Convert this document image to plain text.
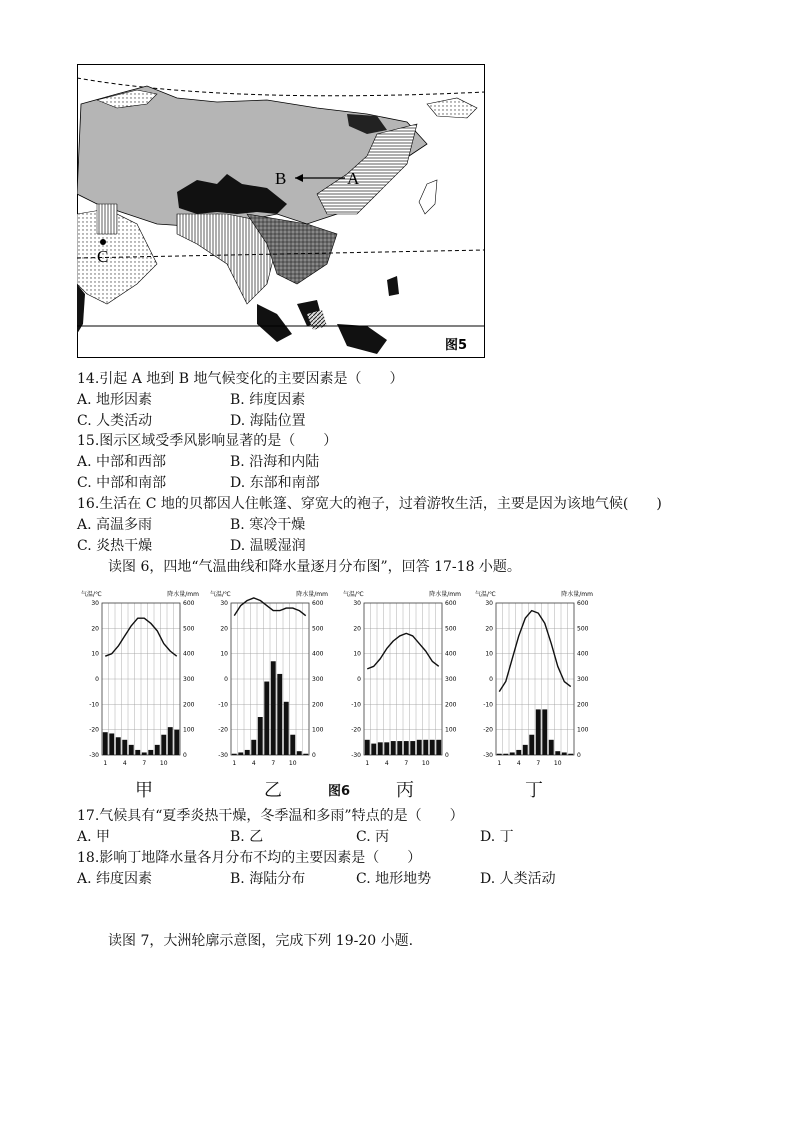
B	A
C
图5
14.引起 A 地到 B 地气候变化的主要因素是（　　）
A. 地形因素	B. 纬度因素
C. 人类活动	D. 海陆位置
15.图示区域受季风影响显著的是（　　）
A. 中部和西部	B. 沿海和内陆
C. 中部和南部	D. 东部和南部
16.生活在 C 地的贝都因人住帐篷、穿宽大的袍子，过着游牧生活，主要是因为该地气候(　　)
A. 高温多雨	B. 寒冷干燥
C. 炎热干燥	D. 温暖湿润
读图 6，四地“气温曲线和降水量逐月分布图”，回答 17-18 小题。
气温/℃	降水量/mm
30	600
20	500
10	400
0	300
-10	200
-20	100
-30	0
1	4	7 10
气温/℃	降水量/mm
30	600
20	500
10	400
0	300
-10	200
-20	100
-30	0
1	4	7 10
气温/℃	降水量/mm
30	600
20	500
10	400
0	300
-10	200
-20	100
-30	0
1	4	7 10
气温/℃	降水量/mm
30	600
20	500
10	400
0	300
-10	200
-20	100
-30	0
1	4	7 10
甲	乙	丙	丁
图6
17.气候具有“夏季炎热干燥，冬季温和多雨”特点的是（　　）
A. 甲	B. 乙	C. 丙	D. 丁
18.影响丁地降水量各月分布不均的主要因素是（　　）
A. 纬度因素	B. 海陆分布	C. 地形地势	D. 人类活动
读图 7，大洲轮廓示意图，完成下列 19-20 小题.
